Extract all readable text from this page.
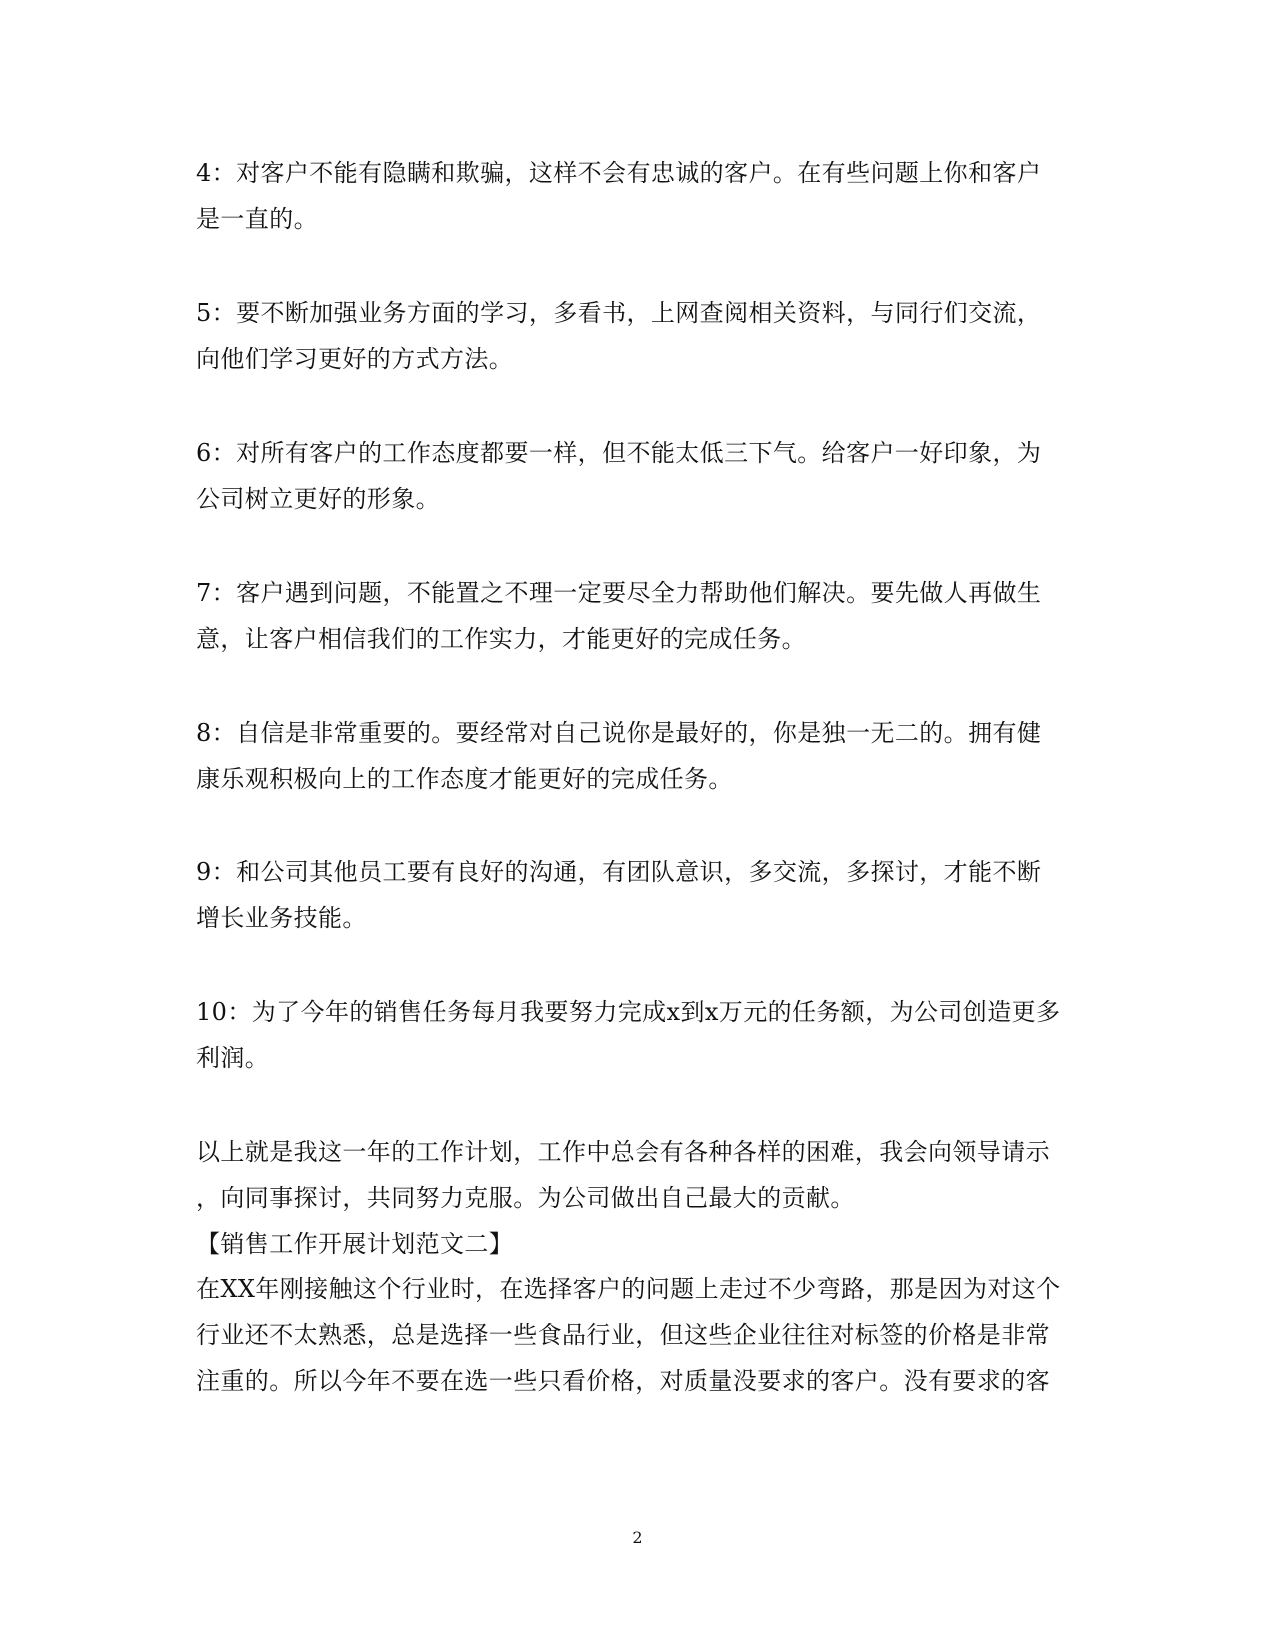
4：对客户不能有隐瞒和欺骗，这样不会有忠诚的客户。在有些问题上你和客户
是一直的。
5：要不断加强业务方面的学习，多看书，上网查阅相关资料，与同行们交流，
向他们学习更好的方式方法。
6：对所有客户的工作态度都要一样，但不能太低三下气。给客户一好印象，为
公司树立更好的形象。
7：客户遇到问题，不能置之不理一定要尽全力帮助他们解决。要先做人再做生
意，让客户相信我们的工作实力，才能更好的完成任务。
8：自信是非常重要的。要经常对自己说你是最好的，你是独一无二的。拥有健
康乐观积极向上的工作态度才能更好的完成任务。
9：和公司其他员工要有良好的沟通，有团队意识，多交流，多探讨，才能不断
增长业务技能。
10：为了今年的销售任务每月我要努力完成x到x万元的任务额，为公司创造更多
利润。
以上就是我这一年的工作计划，工作中总会有各种各样的困难，我会向领导请示
，向同事探讨，共同努力克服。为公司做出自己最大的贡献。
【销售工作开展计划范文二】
在XX年刚接触这个行业时，在选择客户的问题上走过不少弯路，那是因为对这个
行业还不太熟悉，总是选择一些食品行业，但这些企业往往对标签的价格是非常
注重的。所以今年不要在选一些只看价格，对质量没要求的客户。没有要求的客
2
